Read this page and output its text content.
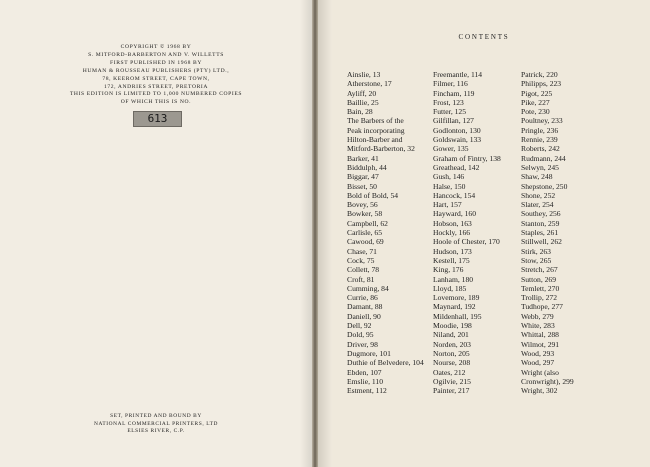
COPYRIGHT © 1968 BY
S. MITFORD-BARBERTON AND V. WILLETTS
FIRST PUBLISHED IN 1968 BY
HUMAN & ROUSSEAU PUBLISHERS (PTY) LTD.,
78, KEEROM STREET, CAPE TOWN,
172, ANDRIES STREET, PRETORIA
THIS EDITION IS LIMITED TO 1,000 NUMBERED COPIES
OF WHICH THIS IS NO.
613
SET, PRINTED AND BOUND BY
NATIONAL COMMERCIAL PRINTERS, LTD
ELSIES RIVER, C.P.
CONTENTS
Ainslie, 13
Atherstone, 17
Ayliff, 20
Baillie, 25
Bain, 28
The Barbers of the
Peak incorporating
Hilton-Barber and
Mitford-Barberton, 32
Barker, 41
Biddulph, 44
Biggar, 47
Bisset, 50
Bold of Bold, 54
Bovey, 56
Bowker, 58
Campbell, 62
Carlisle, 65
Cawood, 69
Chase, 71
Cock, 75
Collett, 78
Croft, 81
Cumming, 84
Currie, 86
Damant, 88
Daniell, 90
Dell, 92
Dold, 95
Driver, 98
Dugmore, 101
Duthie of Belvedere, 104
Ebden, 107
Emslie, 110
Estment, 112
Freemantle, 114
Filmer, 116
Fincham, 119
Frost, 123
Futter, 125
Gilfillan, 127
Godlonton, 130
Goldswain, 133
Gower, 135
Graham of Fintry, 138
Greathead, 142
Gush, 146
Halse, 150
Hancock, 154
Hart, 157
Hayward, 160
Hobson, 163
Hockly, 166
Hoole of Chester, 170
Hudson, 173
Kestell, 175
King, 176
Lanham, 180
Lloyd, 185
Lovemore, 189
Maynard, 192
Mildenhall, 195
Moodie, 198
Niland, 201
Norden, 203
Norton, 205
Nourse, 208
Oates, 212
Ogilvie, 215
Painter, 217
Patrick, 220
Philipps, 223
Pigot, 225
Pike, 227
Pote, 230
Poultney, 233
Pringle, 236
Rennie, 239
Roberts, 242
Rudmann, 244
Selwyn, 245
Shaw, 248
Shepstone, 250
Shone, 252
Slater, 254
Southey, 256
Stanton, 259
Staples, 261
Stillwell, 262
Stirk, 263
Stow, 265
Stretch, 267
Sutton, 269
Temlett, 270
Trollip, 272
Tudhope, 277
Webb, 279
White, 283
Whittal, 288
Wilmot, 291
Wood, 293
Wood, 297
Wright (also
Cronwright), 299
Wright, 302
